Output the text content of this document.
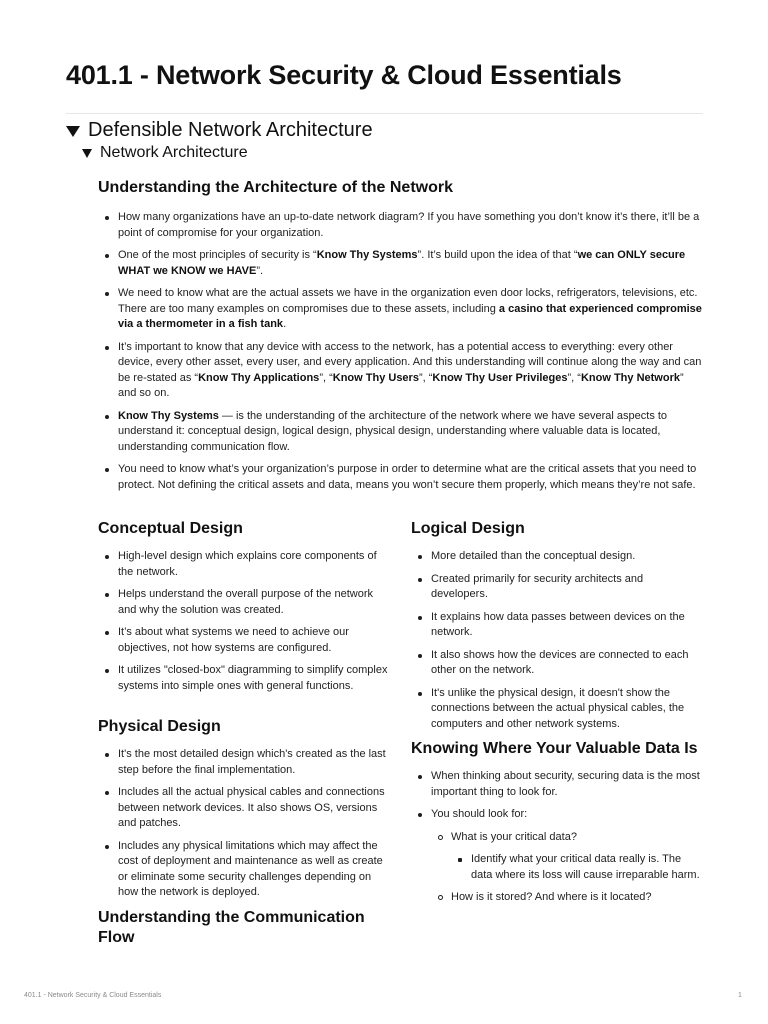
401.1 - Network Security & Cloud Essentials
Defensible Network Architecture
Network Architecture
Understanding the Architecture of the Network
How many organizations have an up-to-date network diagram? If you have something you don’t know it’s there, it’ll be a point of compromise for your organization.
One of the most principles of security is “Know Thy Systems”. It’s build upon the idea of that “we can ONLY secure WHAT we KNOW we HAVE”.
We need to know what are the actual assets we have in the organization even door locks, refrigerators, televisions, etc. There are too many examples on compromises due to these assets, including a casino that experienced compromise via a thermometer in a fish tank.
It’s important to know that any device with access to the network, has a potential access to everything: every other device, every other asset, every user, and every application. And this understanding will continue along the way and can be re-stated as “Know Thy Applications”, “Know Thy Users”, “Know Thy User Privileges”, “Know Thy Network” and so on.
Know Thy Systems — is the understanding of the architecture of the network where we have several aspects to understand it: conceptual design, logical design, physical design, understanding where valuable data is located, understanding communication flow.
You need to know what’s your organization’s purpose in order to determine what are the critical assets that you need to protect. Not defining the critical assets and data, means you won’t secure them properly, which means they’re not safe.
Conceptual Design
High-level design which explains core components of the network.
Helps understand the overall purpose of the network and why the solution was created.
It’s about what systems we need to achieve our objectives, not how systems are configured.
It utilizes "closed-box" diagramming to simplify complex systems into simple ones with general functions.
Physical Design
It's the most detailed design which's created as the last step before the final implementation.
Includes all the actual physical cables and connections between network devices. It also shows OS, versions and patches.
Includes any physical limitations which may affect the cost of deployment and maintenance as well as create or eliminate some security challenges depending on how the network is deployed.
Understanding the Communication Flow
Logical Design
More detailed than the conceptual design.
Created primarily for security architects and developers.
It explains how data passes between devices on the network.
It also shows how the devices are connected to each other on the network.
It's unlike the physical design, it doesn't show the connections between the actual physical cables, the computers and other network systems.
Knowing Where Your Valuable Data Is
When thinking about security, securing data is the most important thing to look for.
You should look for:
What is your critical data?
Identify what your critical data really is. The data where its loss will cause irreparable harm.
How is it stored? And where is it located?
401.1 - Network Security & Cloud Essentials	1
